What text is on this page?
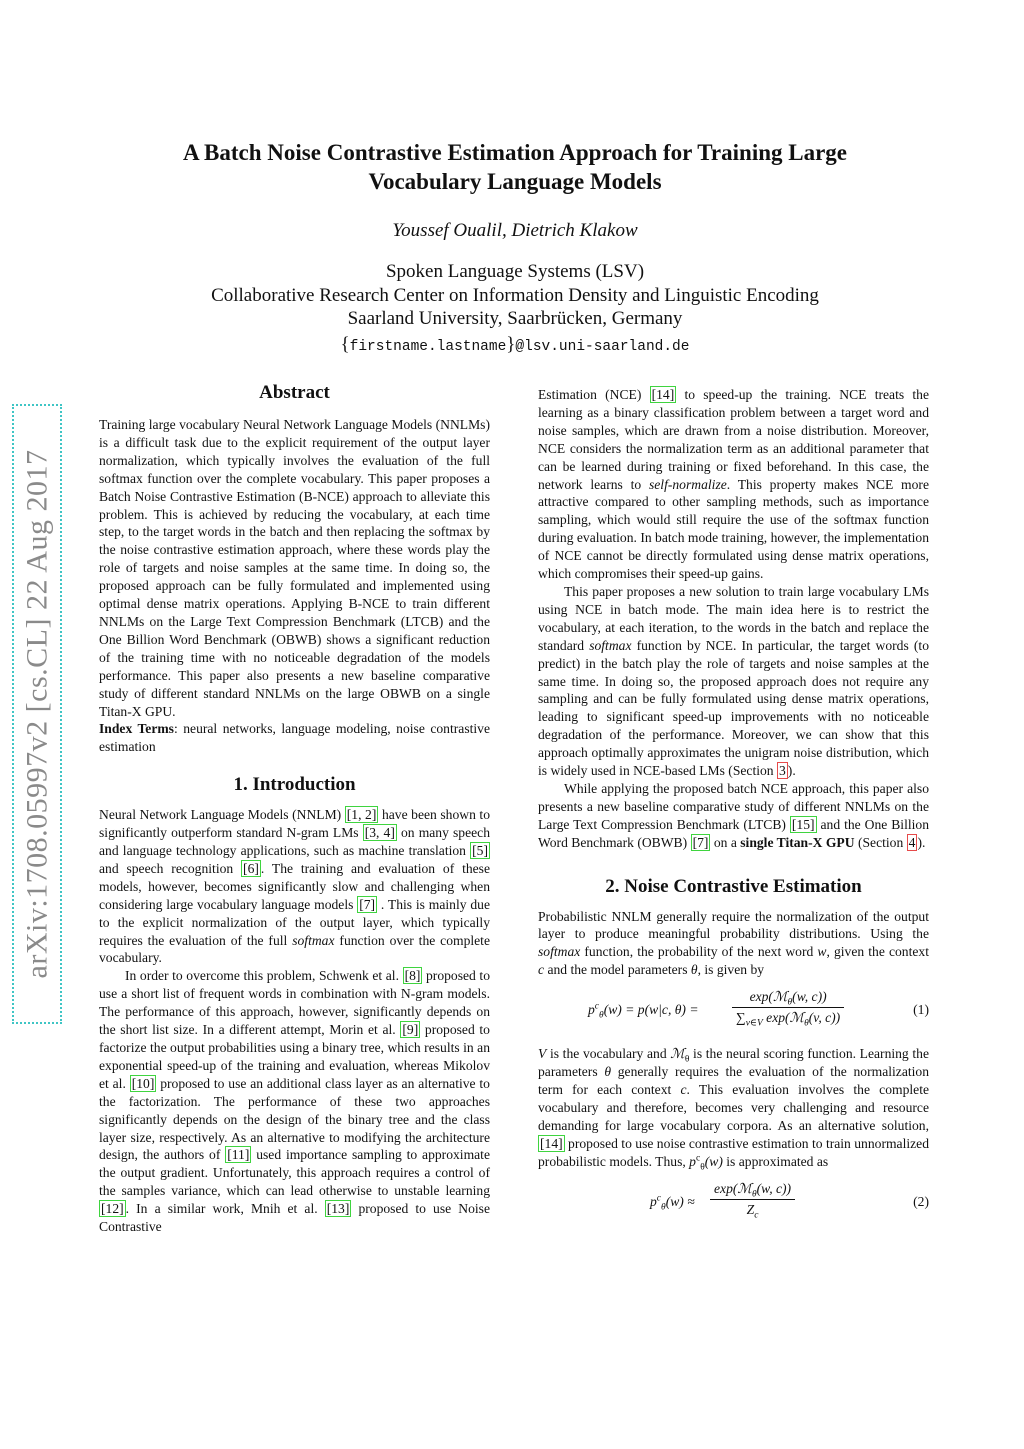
arXiv:1708.05997v2 [cs.CL] 22 Aug 2017
A Batch Noise Contrastive Estimation Approach for Training Large
Vocabulary Language Models
Youssef Oualil, Dietrich Klakow
Spoken Language Systems (LSV)
Collaborative Research Center on Information Density and Linguistic Encoding
Saarland University, Saarbrücken, Germany
{firstname.lastname}@lsv.uni-saarland.de
Abstract

Training large vocabulary Neural Network Language Models (NNLMs) is a difficult task due to the explicit requirement of the output layer normalization, which typically involves the evaluation of the full softmax function over the complete vocabulary. This paper proposes a Batch Noise Contrastive Estimation (B-NCE) approach to alleviate this problem. This is achieved by reducing the vocabulary, at each time step, to the target words in the batch and then replacing the softmax by the noise contrastive estimation approach, where these words play the role of targets and noise samples at the same time. In doing so, the proposed approach can be fully formulated and implemented using optimal dense matrix operations. Applying B-NCE to train different NNLMs on the Large Text Compression Benchmark (LTCB) and the One Billion Word Benchmark (OBWB) shows a significant reduction of the training time with no noticeable degradation of the models performance. This paper also presents a new baseline comparative study of different standard NNLMs on the large OBWB on a single Titan-X GPU.

Index Terms: neural networks, language modeling, noise contrastive estimation

1. Introduction

Neural Network Language Models (NNLM) [1, 2] have been shown to significantly outperform standard N-gram LMs [3, 4] on many speech and language technology applications, such as machine translation [5] and speech recognition [6] . The training and evaluation of these models, however, becomes significantly slow and challenging when considering large vocabulary language models [7] . This is mainly due to the explicit normalization of the output layer, which typically requires the evaluation of the full softmax function over the complete vocabulary.

In order to overcome this problem, Schwenk et al. [8] proposed to use a short list of frequent words in combination with N-gram models. The performance of this approach, however, significantly depends on the short list size. In a different attempt, Morin et al. [9] proposed to factorize the output probabilities using a binary tree, which results in an exponential speed-up of the training and evaluation, whereas Mikolov et al. [10] proposed to use an additional class layer as an alternative to the factorization. The performance of these two approaches significantly depends on the design of the binary tree and the class layer size, respectively. As an alternative to modifying the architecture design, the authors of [11] used importance sampling to approximate the output gradient. Unfortunately, this approach requires a control of the samples variance, which can lead otherwise to unstable learning [12] . In a similar work, Mnih et al. [13] proposed to use Noise Contrastive

Estimation (NCE) [14] to speed-up the training. NCE treats the learning as a binary classification problem between a target word and noise samples, which are drawn from a noise distribution. Moreover, NCE considers the normalization term as an additional parameter that can be learned during training or fixed beforehand. In this case, the network learns to self-normalize. This property makes NCE more attractive compared to other sampling methods, such as importance sampling, which would still require the use of the softmax function during evaluation. In batch mode training, however, the implementation of NCE cannot be directly formulated using dense matrix operations, which compromises their speed-up gains.

This paper proposes a new solution to train large vocabulary LMs using NCE in batch mode. The main idea here is to restrict the vocabulary, at each iteration, to the words in the batch and replace the standard softmax function by NCE. In particular, the target words (to predict) in the batch play the role of targets and noise samples at the same time. In doing so, the proposed approach does not require any sampling and can be fully formulated using dense matrix operations, leading to significant speed-up improvements with no noticeable degradation of the performance. Moreover, we can show that this approach optimally approximates the unigram noise distribution, which is widely used in NCE-based LMs (Section 3 ).

While applying the proposed batch NCE approach, this paper also presents a new baseline comparative study of different NNLMs on the Large Text Compression Benchmark (LTCB) [15] and the One Billion Word Benchmark (OBWB) [7] on a single Titan-X GPU (Section 4 ).

2. Noise Contrastive Estimation

Probabilistic NNLM generally require the normalization of the output layer to produce meaningful probability distributions. Using the softmax function, the probability of the next word w, given the context c and the model parameters θ, is given by

$p^c_\theta(w) = p(w|c$, θ) =
exp(ℳ$_\theta$(w, c))
$\sum_{v\in V}$ exp(ℳ$_\theta$(v, c))
(1)

V is the vocabulary and ℳ$_\theta$ is the neural scoring function. Learning the parameters θ generally requires the evaluation of the normalization term for each context c. This evaluation involves the complete vocabulary and therefore, becomes very challenging and resource demanding for large vocabulary corpora. As an alternative solution, [14] proposed to use noise contrastive estimation to train unnormalized probabilistic models. Thus, $p^c_\theta(w)$ is approximated as

$p^c_\theta(w)$ ≈
exp(ℳ$_\theta$(w, c))
$Z_c$
(2)
